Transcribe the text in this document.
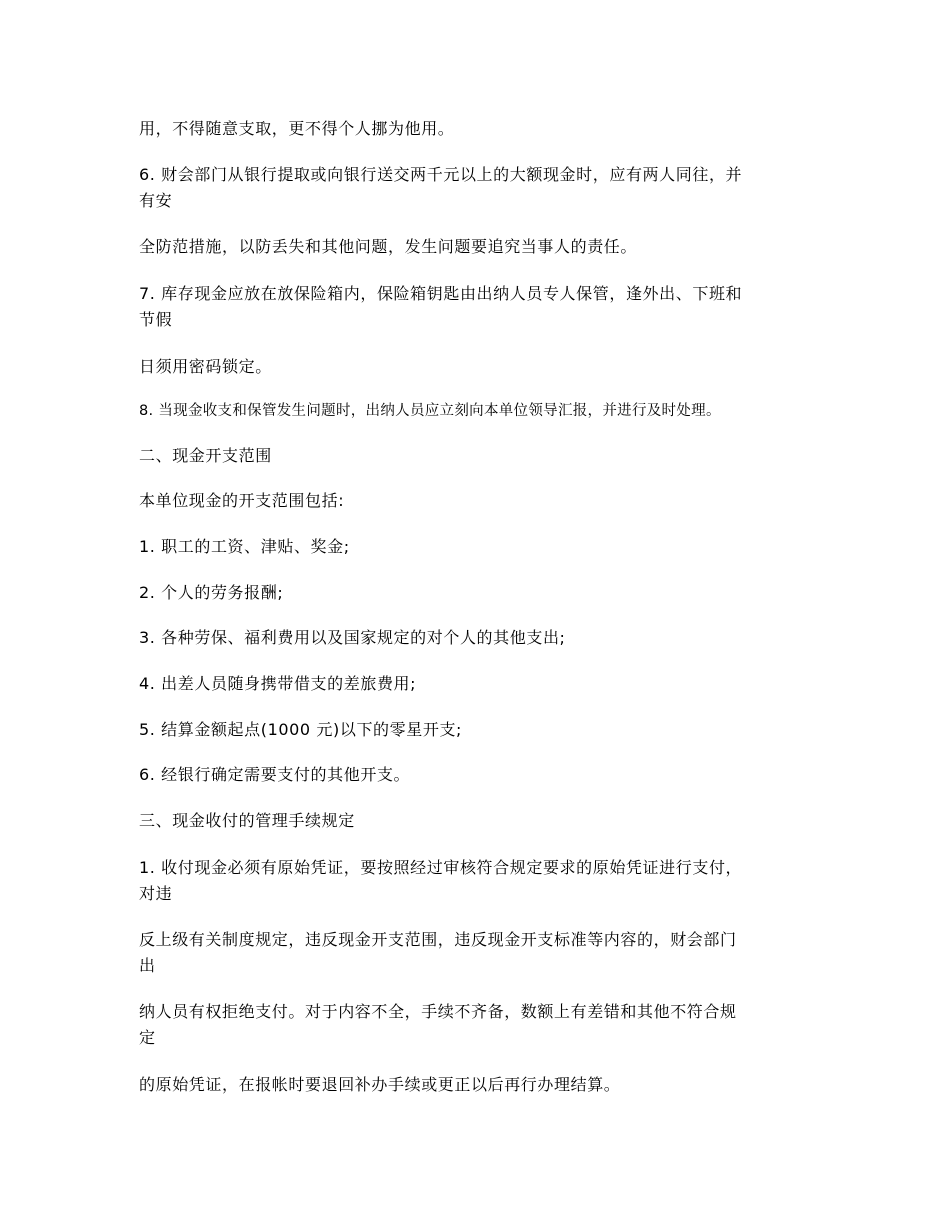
用，不得随意支取，更不得个人挪为他用。
6. 财会部门从银行提取或向银行送交两千元以上的大额现金时，应有两人同往，并
有安
全防范措施，以防丢失和其他问题，发生问题要追究当事人的责任。
7. 库存现金应放在放保险箱内，保险箱钥匙由出纳人员专人保管，逢外出、下班和
节假
日须用密码锁定。
8. 当现金收支和保管发生问题时，出纳人员应立刻向本单位领导汇报，并进行及时处理。
二、现金开支范围
本单位现金的开支范围包括:
1. 职工的工资、津贴、奖金;
2. 个人的劳务报酬;
3. 各种劳保、福利费用以及国家规定的对个人的其他支出;
4. 出差人员随身携带借支的差旅费用;
5. 结算金额起点(1000 元)以下的零星开支;
6. 经银行确定需要支付的其他开支。
三、现金收付的管理手续规定
1. 收付现金必须有原始凭证，要按照经过审核符合规定要求的原始凭证进行支付，
对违
反上级有关制度规定，违反现金开支范围，违反现金开支标准等内容的，财会部门
出
纳人员有权拒绝支付。对于内容不全，手续不齐备，数额上有差错和其他不符合规
定
的原始凭证，在报帐时要退回补办手续或更正以后再行办理结算。
